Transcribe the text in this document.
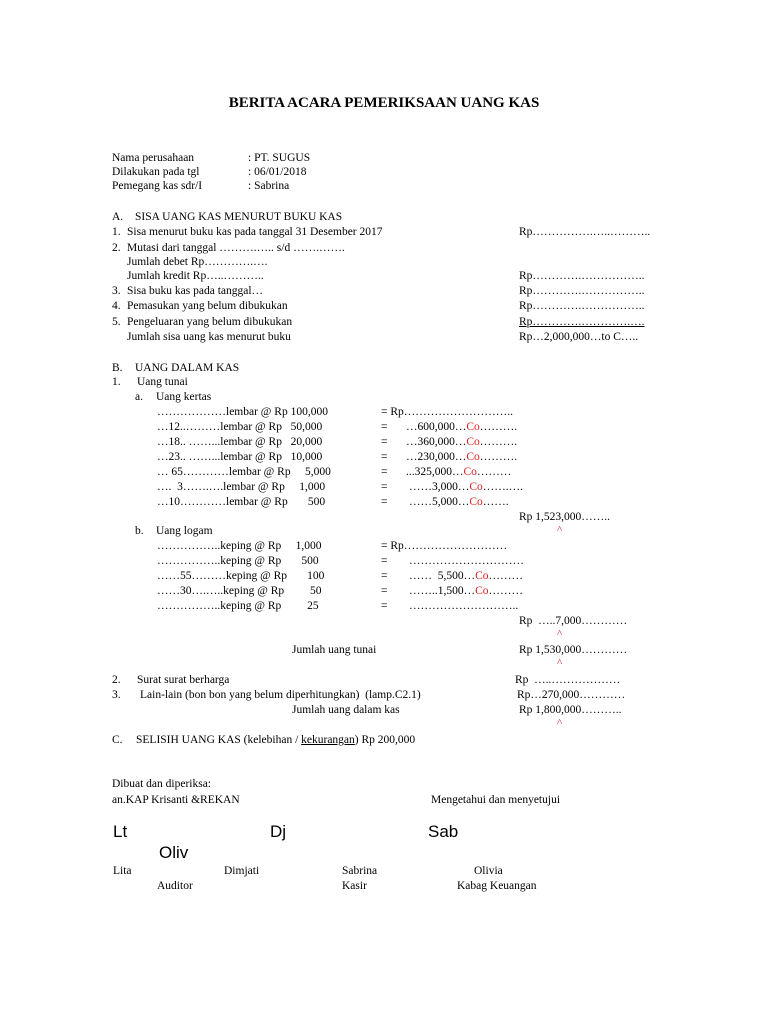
BERITA ACARA PEMERIKSAAN UANG KAS
Nama perusahaan	: PT. SUGUS
Dilakukan pada tgl	: 06/01/2018
Pemegang kas sdr/I	: Sabrina
A. SISA UANG KAS MENURUT BUKU KAS
1. Sisa menurut buku kas pada tanggal 31 Desember 2017	Rp…………….…..………..
2. Mutasi dari tanggal ……….….. s/d …….…….
Jumlah debet Rp………….….
Jumlah kredit Rp…..………..	Rp………….……………..
3. Sisa buku kas pada tanggal…	Rp………….……………..
4. Pemasukan yang belum dibukukan	Rp………….……………..
5. Pengeluaran yang belum dibukukan	Rp………….………….….
Jumlah sisa uang kas menurut buku	Rp…2,000,000…to C…..
B. UANG DALAM KAS
1. Uang tunai
a. Uang kertas
………………lembar @ Rp 100,000	= Rp………………………..
…12..………lembar @ Rp   50,000	= …600,000…Co……….
…18.. ……...lembar @ Rp   20,000	= …360,000…Co……….
…23.. ……...lembar @ Rp   10,000	= …230,000…Co……….
… 65…………lembar @ Rp     5,000	= ...325,000…Co………
….  3…….….lembar @ Rp     1,000	= ……3,000…Co…….….
…10…………lembar @ Rp       500	= ……5,000…Co…….
Rp 1,523,000……..
^
b. Uang logam
……………..keping @ Rp     1,000	= Rp………………………
……………..keping @ Rp       500	= …………………………
……55………keping @ Rp       100	= ……  5,500…Co………
……30….…..keping @ Rp         50	= ……..1,500…Co………
……………..keping @ Rp         25	= ………………………..
Rp  …..7,000…………
^
Jumlah uang tunai	Rp 1,530,000…………
^
2. Surat surat berharga	Rp  …..………………
3. Lain-lain (bon bon yang belum diperhitungkan)  (lamp.C2.1)	Rp…270,000…………
Jumlah uang dalam kas	Rp 1,800,000………..
^
C. SELISIH UANG KAS (kelebihan / kekurangan) Rp 200,000
Dibuat dan diperiksa:
an.KAP Krisanti &REKAN	Mengetahui dan menyetujui
Lt	Dj	Sab
Oliv
Lita	Dimjati	Sabrina	Olivia
Auditor	Kasir	Kabag Keuangan
